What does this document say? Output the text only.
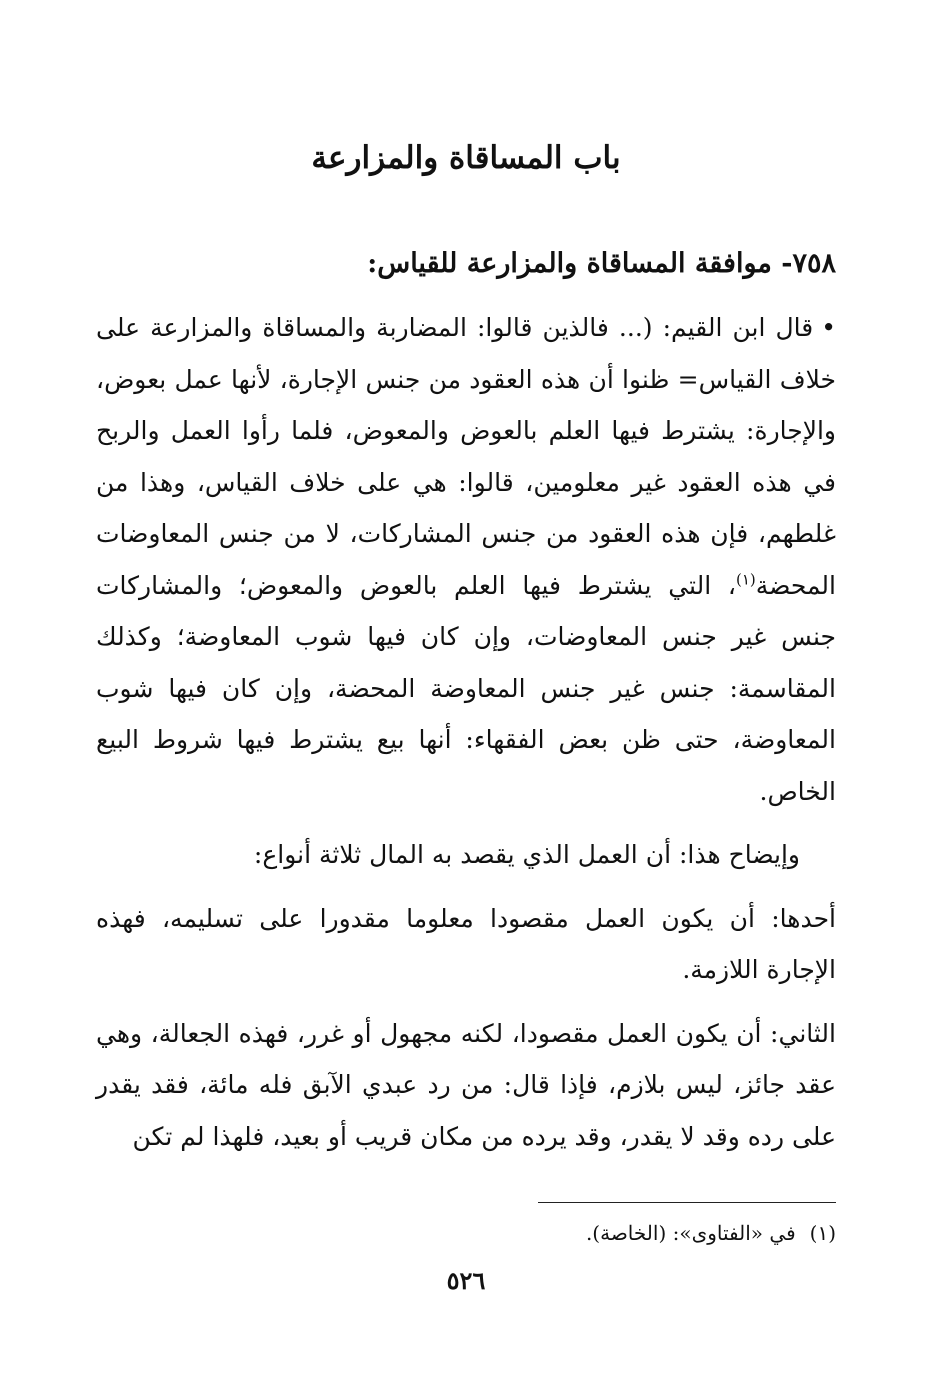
باب المساقاة والمزارعة
٧٥٨- موافقة المساقاة والمزارعة للقياس:

•قال ابن القيم: (... فالذين قالوا: المضاربة والمساقاة والمزارعة على خلاف القياس= ظنوا أن هذه العقود من جنس الإجارة، لأنها عمل بعوض، والإجارة: يشترط فيها العلم بالعوض والمعوض، فلما رأوا العمل والربح في هذه العقود غير معلومين، قالوا: هي على خلاف القياس، وهذا من غلطهم، فإن هذه العقود من جنس المشاركات، لا من جنس المعاوضات المحضة$^{(١)}$، التي يشترط فيها العلم بالعوض والمعوض؛ والمشاركات جنس غير جنس المعاوضات، وإن كان فيها شوب المعاوضة؛ وكذلك المقاسمة: جنس غير جنس المعاوضة المحضة، وإن كان فيها شوب المعاوضة، حتى ظن بعض الفقهاء: أنها بيع يشترط فيها شروط البيع الخاص.

وإيضاح هذا: أن العمل الذي يقصد به المال ثلاثة أنواع:

أحدها: أن يكون العمل مقصودا معلوما مقدورا على تسليمه، فهذه الإجارة اللازمة.

الثاني: أن يكون العمل مقصودا، لكنه مجهول أو غرر، فهذه الجعالة، وهي عقد جائز، ليس بلازم، فإذا قال: من رد عبدي الآبق فله مائة، فقد يقدر على رده وقد لا يقدر، وقد يرده من مكان قريب أو بعيد، فلهذا لم تكن

(١)في «الفتاوى»: (الخاصة).
٥٢٦
